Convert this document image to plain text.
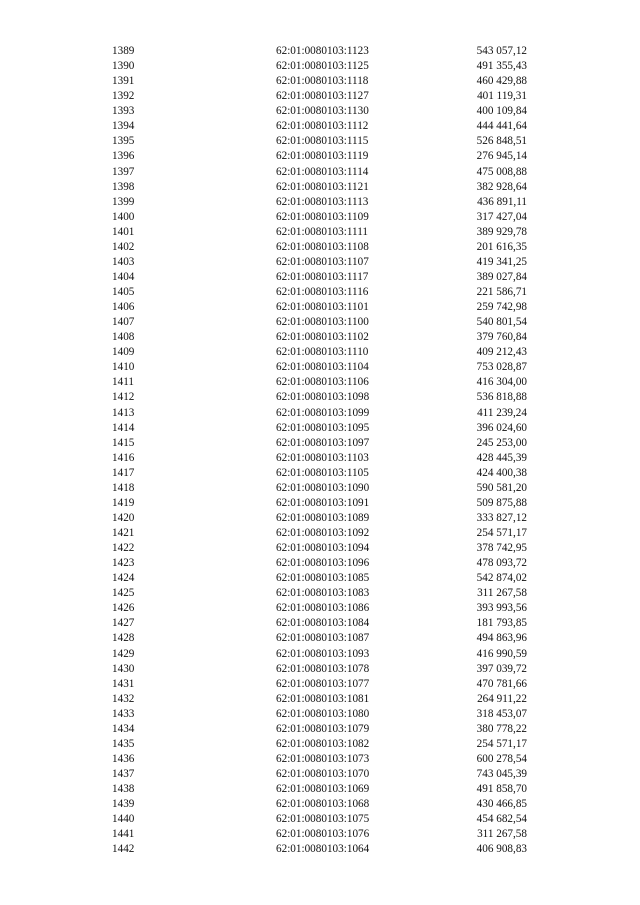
1389	62:01:0080103:1123	543 057,12
1390	62:01:0080103:1125	491 355,43
1391	62:01:0080103:1118	460 429,88
1392	62:01:0080103:1127	401 119,31
1393	62:01:0080103:1130	400 109,84
1394	62:01:0080103:1112	444 441,64
1395	62:01:0080103:1115	526 848,51
1396	62:01:0080103:1119	276 945,14
1397	62:01:0080103:1114	475 008,88
1398	62:01:0080103:1121	382 928,64
1399	62:01:0080103:1113	436 891,11
1400	62:01:0080103:1109	317 427,04
1401	62:01:0080103:1111	389 929,78
1402	62:01:0080103:1108	201 616,35
1403	62:01:0080103:1107	419 341,25
1404	62:01:0080103:1117	389 027,84
1405	62:01:0080103:1116	221 586,71
1406	62:01:0080103:1101	259 742,98
1407	62:01:0080103:1100	540 801,54
1408	62:01:0080103:1102	379 760,84
1409	62:01:0080103:1110	409 212,43
1410	62:01:0080103:1104	753 028,87
1411	62:01:0080103:1106	416 304,00
1412	62:01:0080103:1098	536 818,88
1413	62:01:0080103:1099	411 239,24
1414	62:01:0080103:1095	396 024,60
1415	62:01:0080103:1097	245 253,00
1416	62:01:0080103:1103	428 445,39
1417	62:01:0080103:1105	424 400,38
1418	62:01:0080103:1090	590 581,20
1419	62:01:0080103:1091	509 875,88
1420	62:01:0080103:1089	333 827,12
1421	62:01:0080103:1092	254 571,17
1422	62:01:0080103:1094	378 742,95
1423	62:01:0080103:1096	478 093,72
1424	62:01:0080103:1085	542 874,02
1425	62:01:0080103:1083	311 267,58
1426	62:01:0080103:1086	393 993,56
1427	62:01:0080103:1084	181 793,85
1428	62:01:0080103:1087	494 863,96
1429	62:01:0080103:1093	416 990,59
1430	62:01:0080103:1078	397 039,72
1431	62:01:0080103:1077	470 781,66
1432	62:01:0080103:1081	264 911,22
1433	62:01:0080103:1080	318 453,07
1434	62:01:0080103:1079	380 778,22
1435	62:01:0080103:1082	254 571,17
1436	62:01:0080103:1073	600 278,54
1437	62:01:0080103:1070	743 045,39
1438	62:01:0080103:1069	491 858,70
1439	62:01:0080103:1068	430 466,85
1440	62:01:0080103:1075	454 682,54
1441	62:01:0080103:1076	311 267,58
1442	62:01:0080103:1064	406 908,83
